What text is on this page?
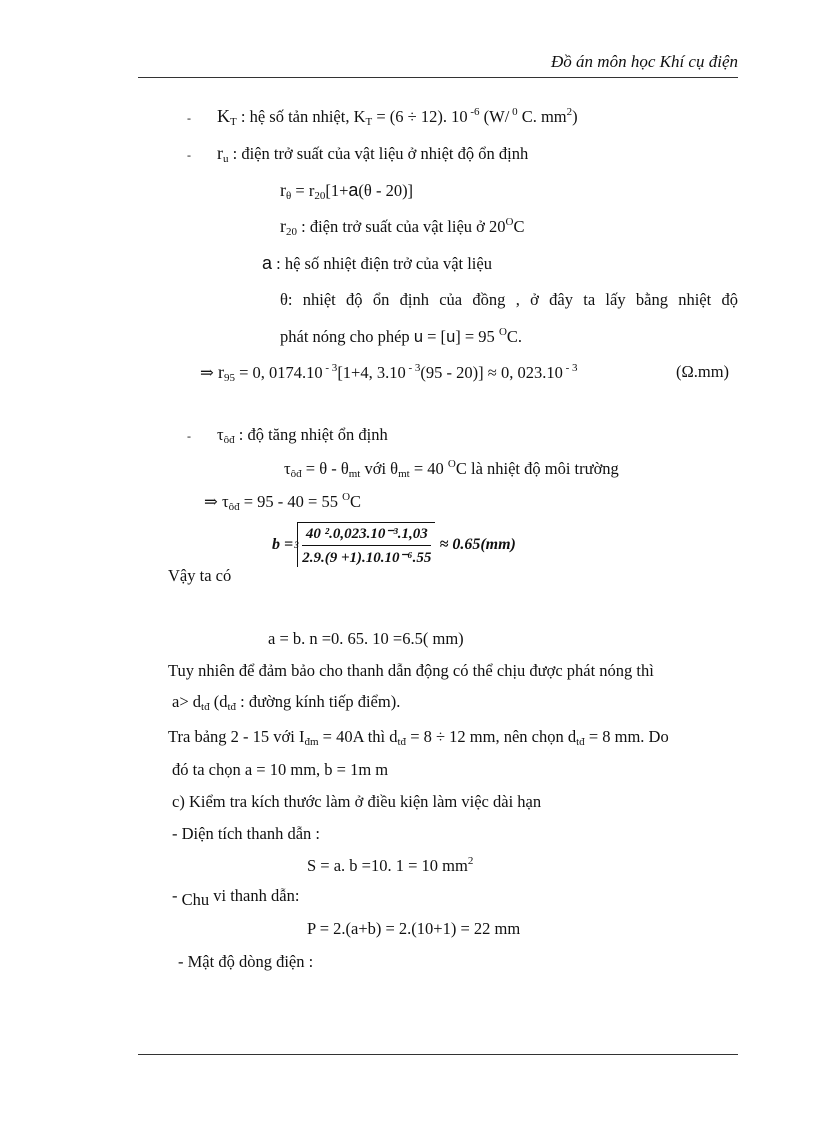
Đồ án môn học Khí cụ điện
- $K_T$ : hệ số tản nhiệt, $K_T = (6 \div 12)$. 10 $^{-6}$ (W/ $^0$ C. $mm^2$)
- $r_u$ : điện trở suất của vật liệu ở nhiệt độ ổn định
$r_\theta = r_{20}[1+a(\theta - 20)]$
$r_{20}$ : điện trở suất của vật liệu ở $20^OC$
a : hệ số nhiệt điện trở của vật liệu
θ: nhiệt độ ổn định của đồng , ở đây ta lấy bằng nhiệt độ
phát nóng cho phép u = [u] = 95 $^O$C.
⇒ $r_{95} = 0$, 0174.10 $^{- 3}$[1+4, 3.10 $^{- 3}$(95 - 20)] ≈ 0, 023.10 $^{- 3}$	(Ω.mm)
- $\tau_{ôđ}$ : độ tăng nhiệt ổn định
$\tau_{ôđ} = \theta - \theta_{mt}$ với $\theta_{mt} = 40$ $^O$C là nhiệt độ môi trường
⇒ $\tau_{ôđ} = 95 - 40 = 55$ $^O$C
Vậy ta có
$b = 3 \frac{\text{40 ².0,023.10⁻³.1,03}}{\text{2.9.(9 +1).10.10⁻⁶.55}} \approx 0.65(mm)$
a = b. n =0. 65. 10 =6.5( mm)
Tuy nhiên để đảm bảo cho thanh dẫn động có thể chịu được phát nóng thì
$a> d_{tđ}$ ($d_{tđ}$ : đường kính tiếp điểm).
Tra bảng 2 - 15 với $I_{đm} = 40A$ thì $d_{tđ} = 8 \div 12$ mm, nên chọn $d_{tđ} = 8$ mm. Do
đó ta chọn a = 10 mm, b = 1m m
c) Kiểm tra kích thước làm ở điều kiện làm việc dài hạn
- Diện tích thanh dẫn :
S = a. b =10. 1 = 10 $mm^2$
- Chu vi thanh dẫn:
P = 2.(a+b) = 2.(10+1) = 22 mm
- Mật độ dòng điện :
